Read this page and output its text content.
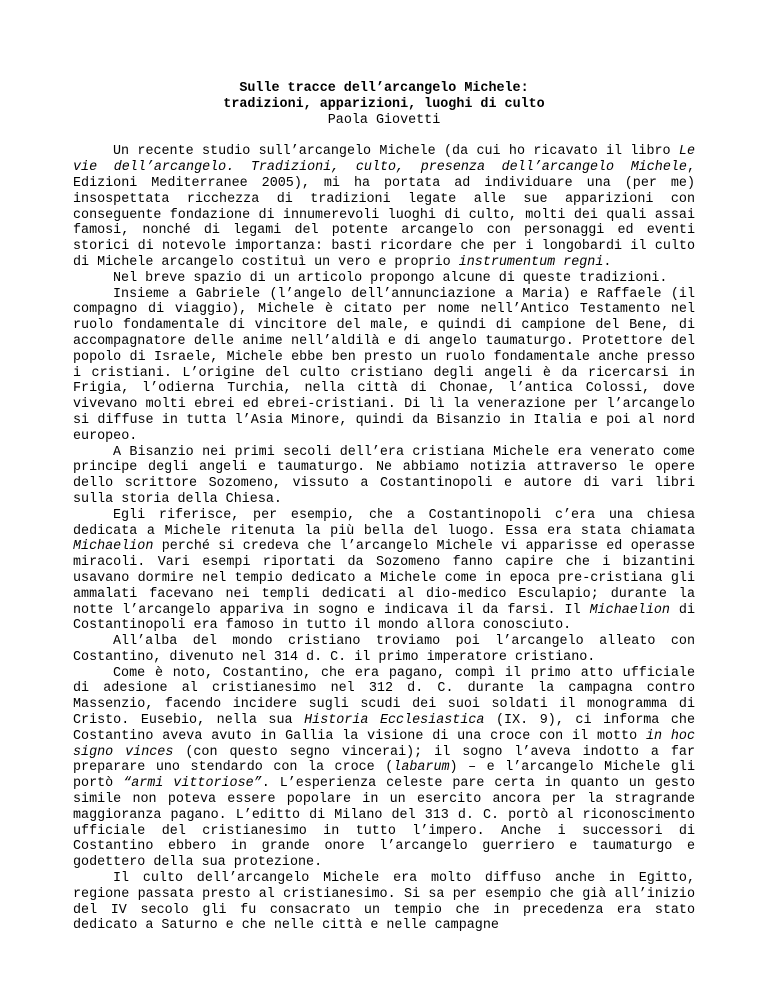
Sulle tracce dell’arcangelo Michele:
tradizioni, apparizioni, luoghi di culto
Paola Giovetti

Un recente studio sull’arcangelo Michele (da cui ho ricavato il libro Le vie dell’arcangelo. Tradizioni, culto, presenza dell’arcangelo Michele, Edizioni Mediterranee 2005), mi ha portata ad individuare una (per me) insospettata ricchezza di tradizioni legate alle sue apparizioni con conseguente fondazione di innumerevoli luoghi di culto, molti dei quali assai famosi, nonché di legami del potente arcangelo con personaggi ed eventi storici di notevole importanza: basti ricordare che per i longobardi il culto di Michele arcangelo costituì un vero e proprio instrumentum regni.

Nel breve spazio di un articolo propongo alcune di queste tradizioni.

Insieme a Gabriele (l’angelo dell’annunciazione a Maria) e Raffaele (il compagno di viaggio), Michele è citato per nome nell’Antico Testamento nel ruolo fondamentale di vincitore del male, e quindi di campione del Bene, di accompagnatore delle anime nell’aldilà e di angelo taumaturgo. Protettore del popolo di Israele, Michele ebbe ben presto un ruolo fondamentale anche presso i cristiani. L’origine del culto cristiano degli angeli è da ricercarsi in Frigia, l’odierna Turchia, nella città di Chonae, l’antica Colossi, dove vivevano molti ebrei ed ebrei-cristiani. Di lì la venerazione per l’arcangelo si diffuse in tutta l’Asia Minore, quindi da Bisanzio in Italia e poi al nord europeo.

A Bisanzio nei primi secoli dell’era cristiana Michele era venerato come principe degli angeli e taumaturgo. Ne abbiamo notizia attraverso le opere dello scrittore Sozomeno, vissuto a Costantinopoli e autore di vari libri sulla storia della Chiesa.

Egli riferisce, per esempio, che a Costantinopoli c’era una chiesa dedicata a Michele ritenuta la più bella del luogo. Essa era stata chiamata Michaelion perché si credeva che l’arcangelo Michele vi apparisse ed operasse miracoli. Vari esempi riportati da Sozomeno fanno capire che i bizantini usavano dormire nel tempio dedicato a Michele come in epoca pre-cristiana gli ammalati facevano nei templi dedicati al dio-medico Esculapio; durante la notte l’arcangelo appariva in sogno e indicava il da farsi. Il Michaelion di Costantinopoli era famoso in tutto il mondo allora conosciuto.

All’alba del mondo cristiano troviamo poi l’arcangelo alleato con Costantino, divenuto nel 314 d. C. il primo imperatore cristiano.

Come è noto, Costantino, che era pagano, compì il primo atto ufficiale di adesione al cristianesimo nel 312 d. C. durante la campagna contro Massenzio, facendo incidere sugli scudi dei suoi soldati il monogramma di Cristo. Eusebio, nella sua Historia Ecclesiastica (IX. 9), ci informa che Costantino aveva avuto in Gallia la visione di una croce con il motto in hoc signo vinces (con questo segno vincerai); il sogno l’aveva indotto a far preparare uno stendardo con la croce (labarum) – e l’arcangelo Michele gli portò “armi vittoriose”. L’esperienza celeste pare certa in quanto un gesto simile non poteva essere popolare in un esercito ancora per la stragrande maggioranza pagano. L’editto di Milano del 313 d. C. portò al riconoscimento ufficiale del cristianesimo in tutto l’impero. Anche i successori di Costantino ebbero in grande onore l’arcangelo guerriero e taumaturgo e godettero della sua protezione.

Il culto dell’arcangelo Michele era molto diffuso anche in Egitto, regione passata presto al cristianesimo. Si sa per esempio che già all’inizio del IV secolo gli fu consacrato un tempio che in precedenza era stato dedicato a Saturno e che nelle città e nelle campagne
